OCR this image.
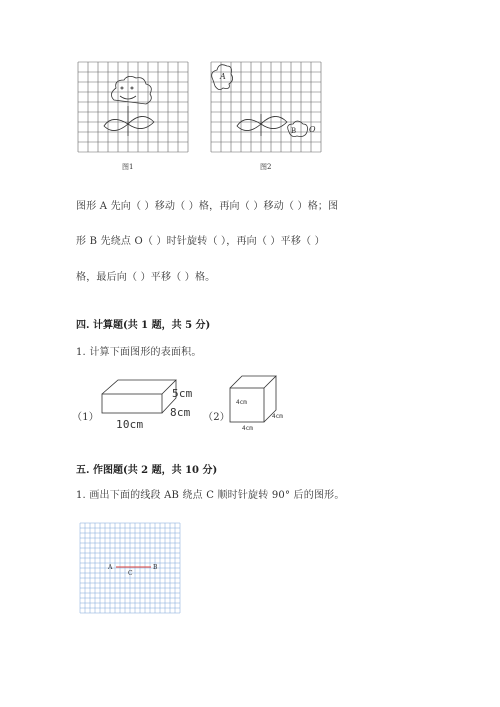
图1
A
B O
图2
图形 A 先向（ ）移动（ ）格，再向（ ）移动（ ）格；图
形 B 先绕点 O（ ）时针旋转（ ），再向（ ）平移（ ）
格，最后向（ ）平移（ ）格。
四. 计算题(共 1 题，共 5 分)
1. 计算下面图形的表面积。
（1）
5cm
8cm
10cm
（2）
4cm
4cm
4cm
五. 作图题(共 2 题，共 10 分)
1. 画出下面的线段 AB 绕点 C 顺时针旋转 90° 后的图形。
A	B
C
